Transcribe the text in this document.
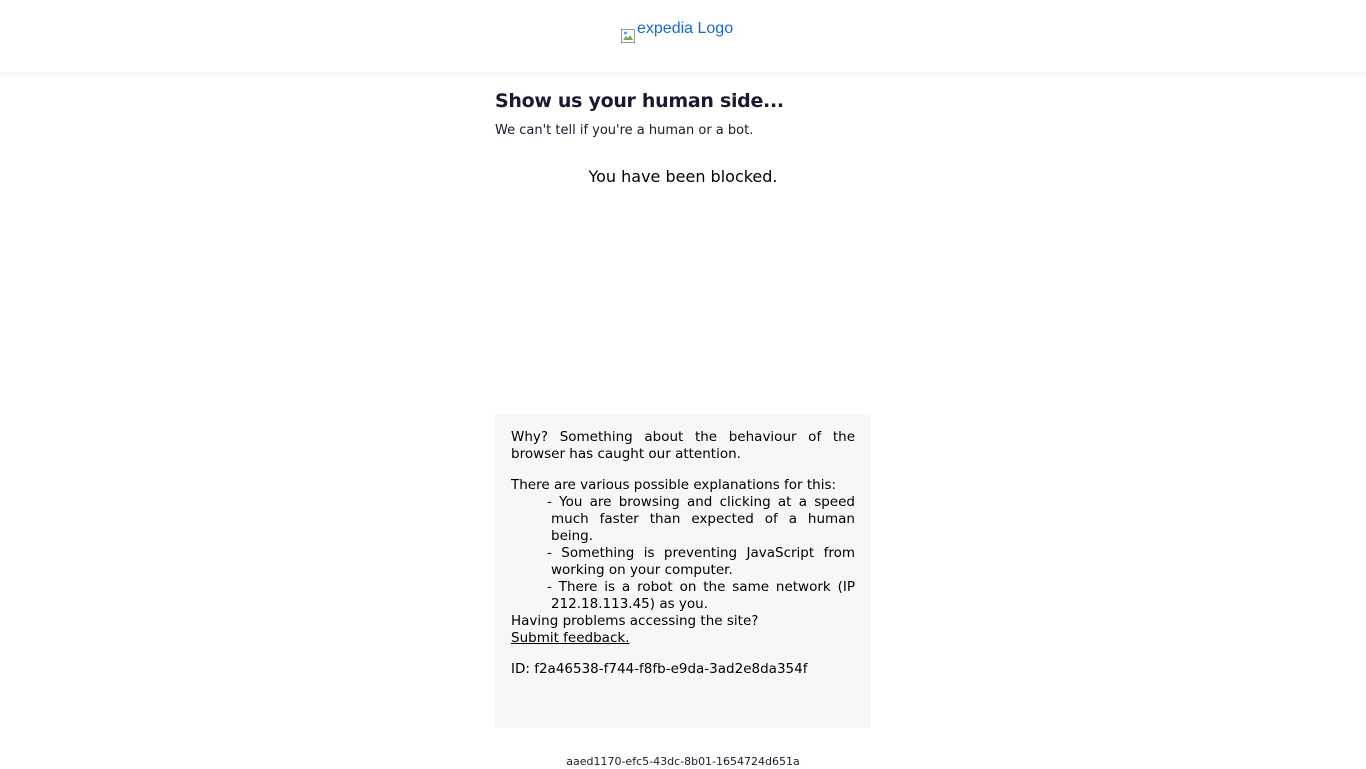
expedia Logo
Show us your human side...

We can't tell if you're a human or a bot.

You have been blocked.

Why? Something about the behaviour of the browser has caught our attention.

There are various possible explanations for this:

- You are browsing and clicking at a speed much faster than expected of a human being.
- Something is preventing JavaScript from working on your computer.
- There is a robot on the same network (IP 212.18.113.45) as you.

Having problems accessing the site?

Submit feedback.

ID: f2a46538-f744-f8fb-e9da-3ad2e8da354f

aaed1170-efc5-43dc-8b01-1654724d651a
